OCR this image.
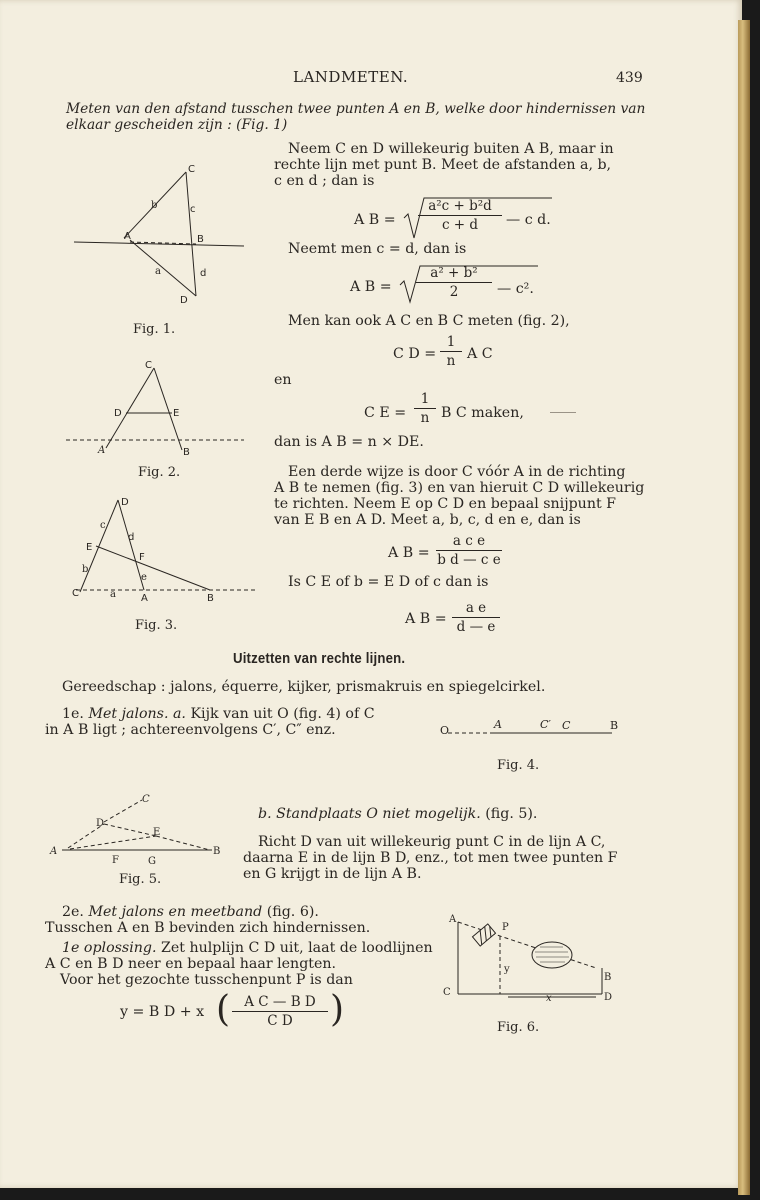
LANDMETEN.	439
Meten van den afstand tusschen twee punten A en B, welke door hindernissen van
elkaar gescheiden zijn : (Fig. 1)
Neem C en D willekeurig buiten A B, maar in
rechte lijn met punt B. Meet de afstanden a, b,
c en d ; dan is
A $B = \frac{\text{a²c + b²d}}{c + d}$ — c d.
Neemt men c = d, dan is
A $B = \frac{\text{a² + b²}}{2}$ — c².
Men kan ook A C en B C meten (fig. 2),
C $D = \frac{1}{n}$ A C
en
C $E = \frac{1}{n}$ B C maken,
dan is A B = n × DE.
Een derde wijze is door C vóór A in de richting
A B te nemen (fig. 3) en van hieruit C D willekeurig
te richten. Neem E op C D en bepaal snijpunt F
van E B en A D. Meet a, b, c, d en e, dan is
A $B = \frac{\text{a c e}}{\text{b d — c e}}$
Is C E of b = E D of c dan is
A $B = \frac{\text{a e}}{d — e}$
Uitzetten van rechte lijnen.
Gereedschap : jalons, équerre, kijker, prismakruis en spiegelcirkel.
1e. Met jalons. a. Kijk van uit O (fig. 4) of C
in A B ligt ; achtereenvolgens C′, C″ enz.
b. Standplaats O niet mogelijk. (fig. 5).
Richt D van uit willekeurig punt C in de lijn A C,
daarna E in de lijn B D, enz., tot men twee punten F
en G krijgt in de lijn A B.
2e. Met jalons en meetband (fig. 6).
Tusschen A en B bevinden zich hindernissen.
1e oplossing. Zet hulplijn C D uit, laat de loodlijnen
A C en B D neer en bepaal haar lengten.
Voor het gezochte tusschenpunt P is dan
y = B D + x ( $\frac{\text{A C — B D}}{\text{C D}}$ )
C
b	c
A	B
a	d
D
Fig. 1.
C
D	E
A	B
Fig. 2.
D
c
d
E
F
b
e
C	a	A	B
Fig. 3.
O	A	C′ C	B
Fig. 4.
C
D
E
A	B
F	G
Fig. 5.
A
P
y
B
C
x	D
Fig. 6.
